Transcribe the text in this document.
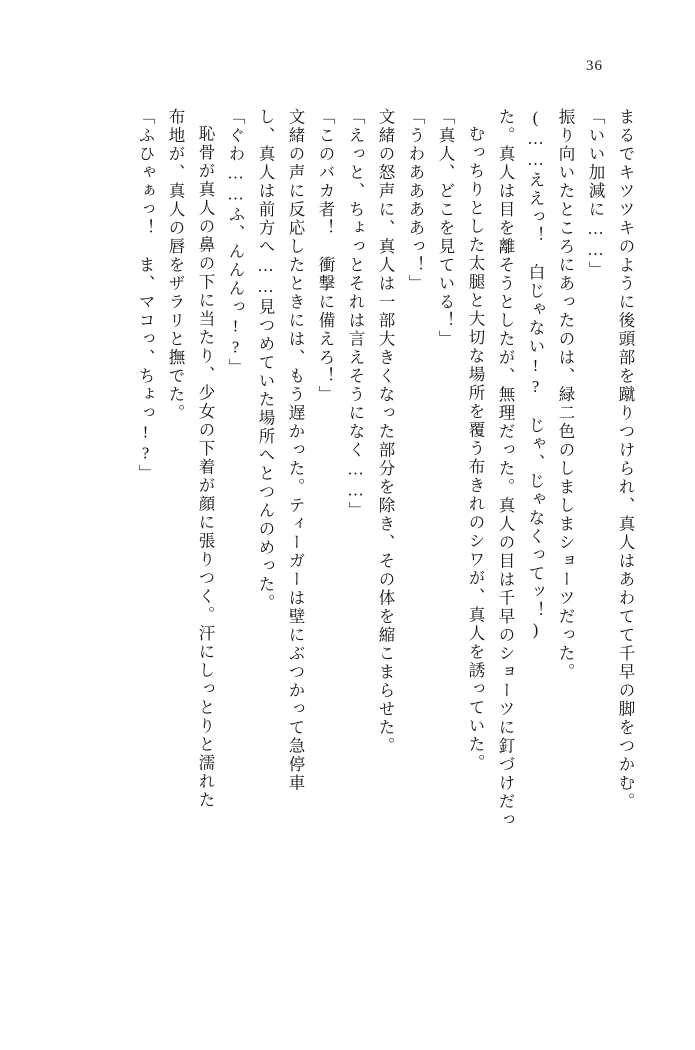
36
まるでキツツキのように後頭部を蹴りつけられ、真人はあわてて千早の脚をつかむ。
「いい加減に……」
振り向いたところにあったのは、緑二色のしましまショーツだった。
(……ええっ！　白じゃない!?　じゃ、じゃなくってッ！)
た。真人は目を離そうとしたが、無理だった。真人の目は千早のショーツに釘づけだっ
むっちりとした太腿と大切な場所を覆う布きれのシワが、真人を誘っていた。
「真人、どこを見ている！」
「うわああああっ！」
文緒の怒声に、真人は一部大きくなった部分を除き、その体を縮こまらせた。
「えっと、ちょっとそれは言えそうになく……」
「このバカ者！　衝撃に備えろ！」
文緒の声に反応したときには、もう遅かった。ティーガーは壁にぶつかって急停車
し、真人は前方へ……見つめていた場所へとつんのめった。
「ぐわ……ふ、んんんっ!?」
恥骨が真人の鼻の下に当たり、少女の下着が顔に張りつく。汗にしっとりと濡れた
布地が、真人の唇をザラリと撫でた。
「ふひゃぁっ！　ま、マコっ、ちょっ!?」
